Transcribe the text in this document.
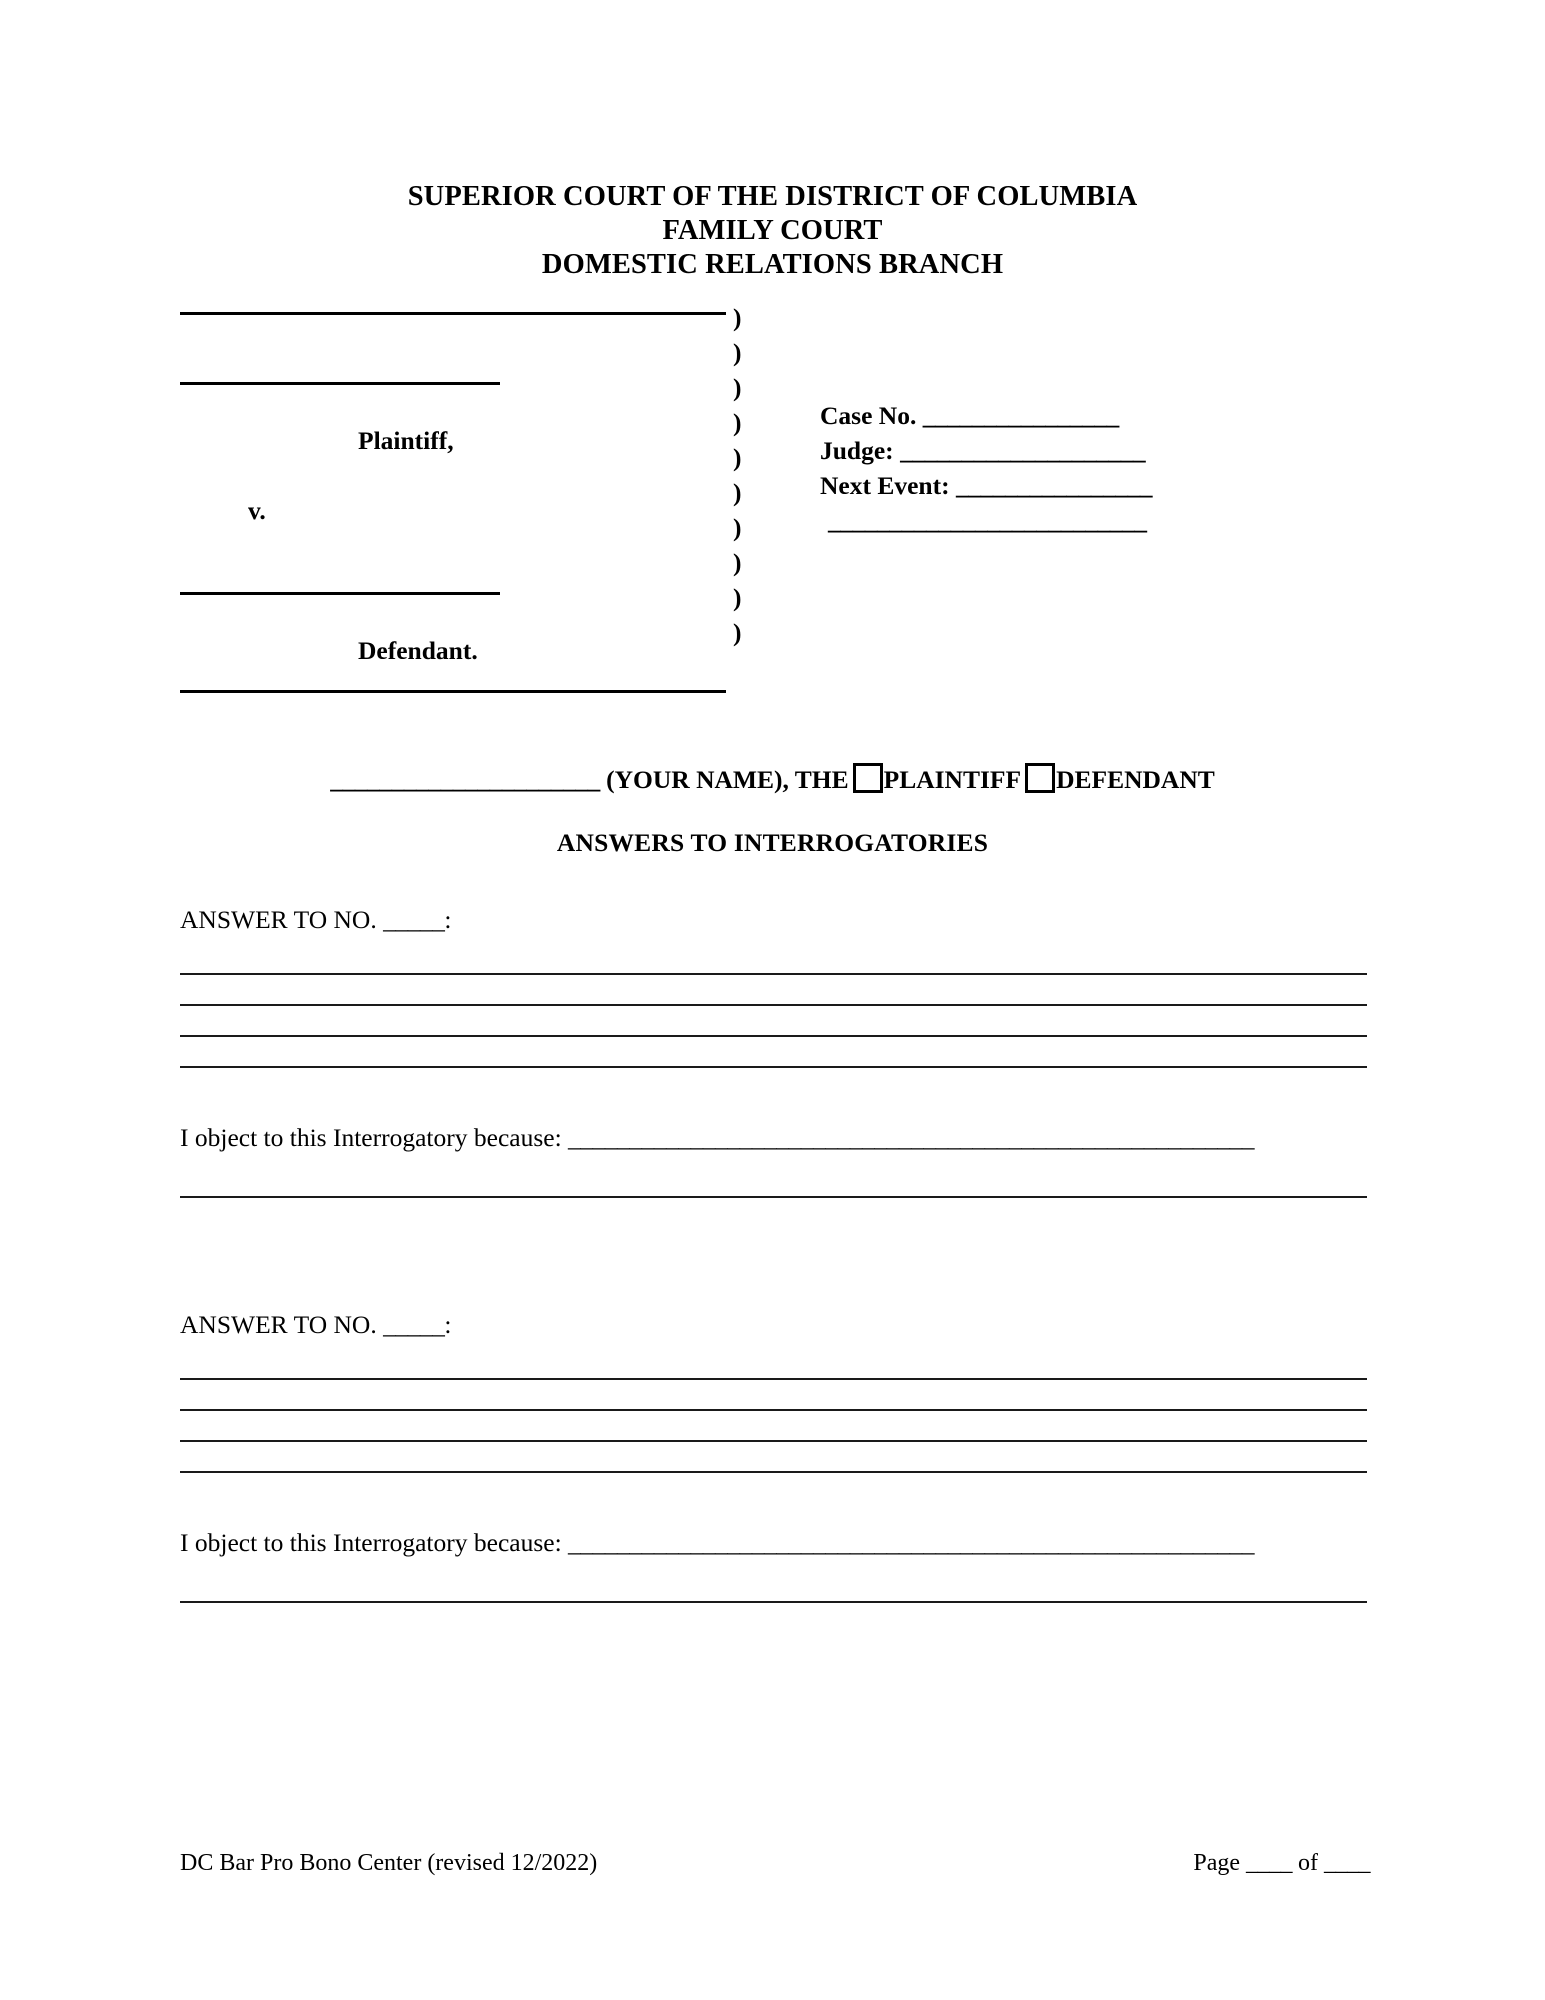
SUPERIOR COURT OF THE DISTRICT OF COLUMBIA
FAMILY COURT
DOMESTIC RELATIONS BRANCH
Plaintiff,
v.
Defendant.
)
)
)
)
)
)
)
)
)
)
Case No. ________________
Judge: ____________________
Next Event: ________________
__________________________
______________________ (YOUR NAME), THE PLAINTIFF DEFENDANT
ANSWERS TO INTERROGATORIES
ANSWER TO NO. _____:
I object to this Interrogatory because: ________________________________________________________
ANSWER TO NO. _____:
I object to this Interrogatory because: ________________________________________________________
DC Bar Pro Bono Center (revised 12/2022)	Page ____ of ____
